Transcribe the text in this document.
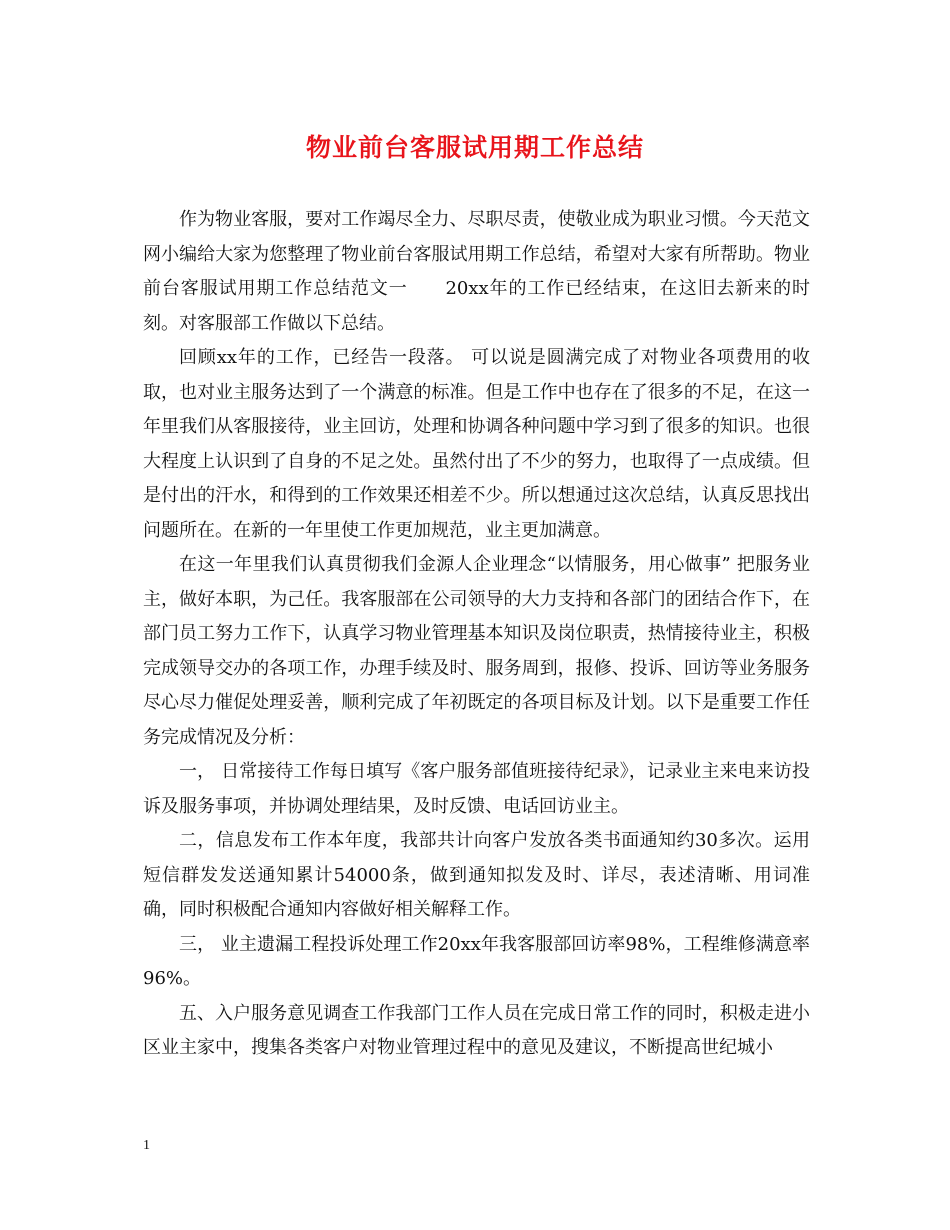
物业前台客服试用期工作总结

作为物业客服，要对工作竭尽全力、尽职尽责，使敬业成为职业习惯。今天范文网小编给大家为您整理了物业前台客服试用期工作总结，希望对大家有所帮助。物业前台客服试用期工作总结范文一　　20xx年的工作已经结束，在这旧去新来的时刻。对客服部工作做以下总结。

回顾xx年的工作，已经告一段落。 可以说是圆满完成了对物业各项费用的收取，也对业主服务达到了一个满意的标准。但是工作中也存在了很多的不足，在这一年里我们从客服接待，业主回访，处理和协调各种问题中学习到了很多的知识。也很大程度上认识到了自身的不足之处。虽然付出了不少的努力，也取得了一点成绩。但是付出的汗水，和得到的工作效果还相差不少。所以想通过这次总结，认真反思找出问题所在。在新的一年里使工作更加规范，业主更加满意。

在这一年里我们认真贯彻我们金源人企业理念“以情服务，用心做事” 把服务业主，做好本职，为己任。我客服部在公司领导的大力支持和各部门的团结合作下，在部门员工努力工作下，认真学习物业管理基本知识及岗位职责，热情接待业主，积极完成领导交办的各项工作，办理手续及时、服务周到，报修、投诉、回访等业务服务尽心尽力催促处理妥善，顺利完成了年初既定的各项目标及计划。以下是重要工作任务完成情况及分析：

一， 日常接待工作每日填写《客户服务部值班接待纪录》，记录业主来电来访投诉及服务事项，并协调处理结果，及时反馈、电话回访业主。

二，信息发布工作本年度，我部共计向客户发放各类书面通知约30多次。运用短信群发发送通知累计54000条，做到通知拟发及时、详尽，表述清晰、用词准确，同时积极配合通知内容做好相关解释工作。

三， 业主遗漏工程投诉处理工作20xx年我客服部回访率98%，工程维修满意率96%。

五、入户服务意见调查工作我部门工作人员在完成日常工作的同时，积极走进小区业主家中，搜集各类客户对物业管理过程中的意见及建议，不断提高世纪城小

1
